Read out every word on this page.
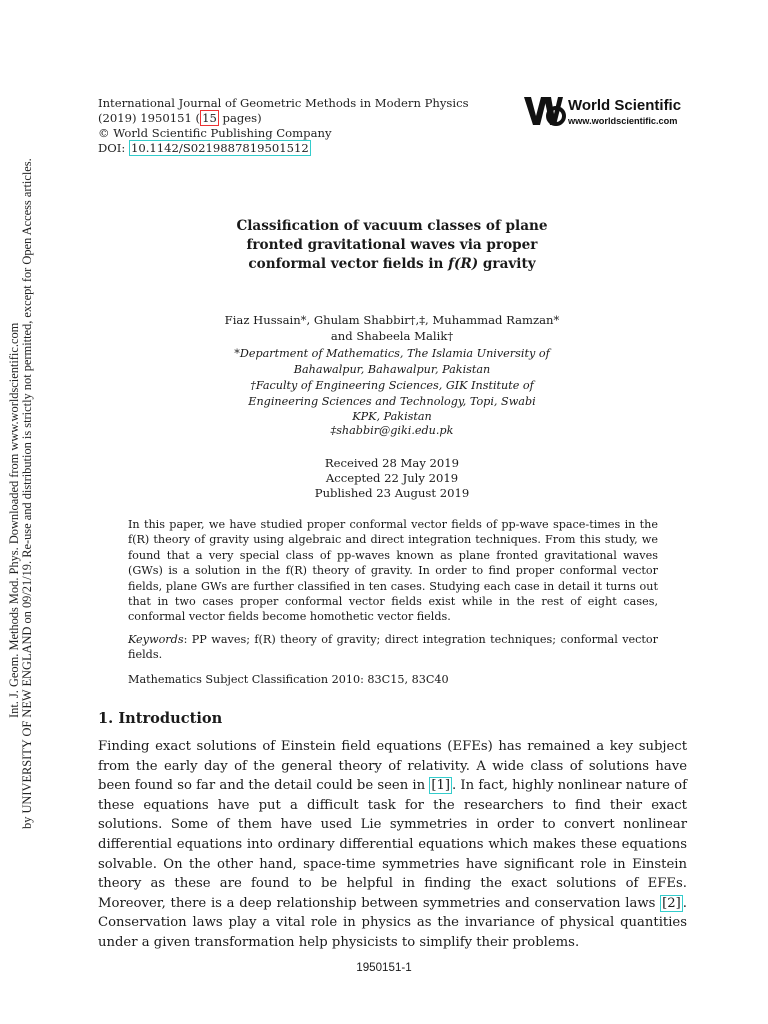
Int. J. Geom. Methods Mod. Phys. Downloaded from www.worldscientific.com by UNIVERSITY OF NEW ENGLAND on 09/21/19. Re-use and distribution is strictly not permitted, except for Open Access articles.
International Journal of Geometric Methods in Modern Physics
(2019) 1950151 ( 15 pages)
© World Scientific Publishing Company
DOI: 10.1142/S0219887819501512
World Scientific
www.worldscientific.com
Classification of vacuum classes of plane
fronted gravitational waves via proper
conformal vector fields in f(R) gravity
Fiaz Hussain*, Ghulam Shabbir†,‡, Muhammad Ramzan*
and Shabeela Malik†
*Department of Mathematics, The Islamia University of
Bahawalpur, Bahawalpur, Pakistan
†Faculty of Engineering Sciences, GIK Institute of
Engineering Sciences and Technology, Topi, Swabi
KPK, Pakistan
‡shabbir@giki.edu.pk
Received 28 May 2019
Accepted 22 July 2019
Published 23 August 2019
In this paper, we have studied proper conformal vector fields of pp-wave space-times in the f(R) theory of gravity using algebraic and direct integration techniques. From this study, we found that a very special class of pp-waves known as plane fronted gravitational waves (GWs) is a solution in the f(R) theory of gravity. In order to find proper conformal vector fields, plane GWs are further classified in ten cases. Studying each case in detail it turns out that in two cases proper conformal vector fields exist while in the rest of eight cases, conformal vector fields become homothetic vector fields.
Keywords: PP waves; f(R) theory of gravity; direct integration techniques; conformal vector fields.
Mathematics Subject Classification 2010: 83C15, 83C40
1. Introduction
Finding exact solutions of Einstein field equations (EFEs) has remained a key subject from the early day of the general theory of relativity. A wide class of solutions have been found so far and the detail could be seen in [1] . In fact, highly nonlinear nature of these equations have put a difficult task for the researchers to find their exact solutions. Some of them have used Lie symmetries in order to convert nonlinear differential equations into ordinary differential equations which makes these equations solvable. On the other hand, space-time symmetries have significant role in Einstein theory as these are found to be helpful in finding the exact solutions of EFEs. Moreover, there is a deep relationship between symmetries and conservation laws [2] . Conservation laws play a vital role in physics as the invariance of physical quantities under a given transformation help physicists to simplify their problems.
1950151-1
